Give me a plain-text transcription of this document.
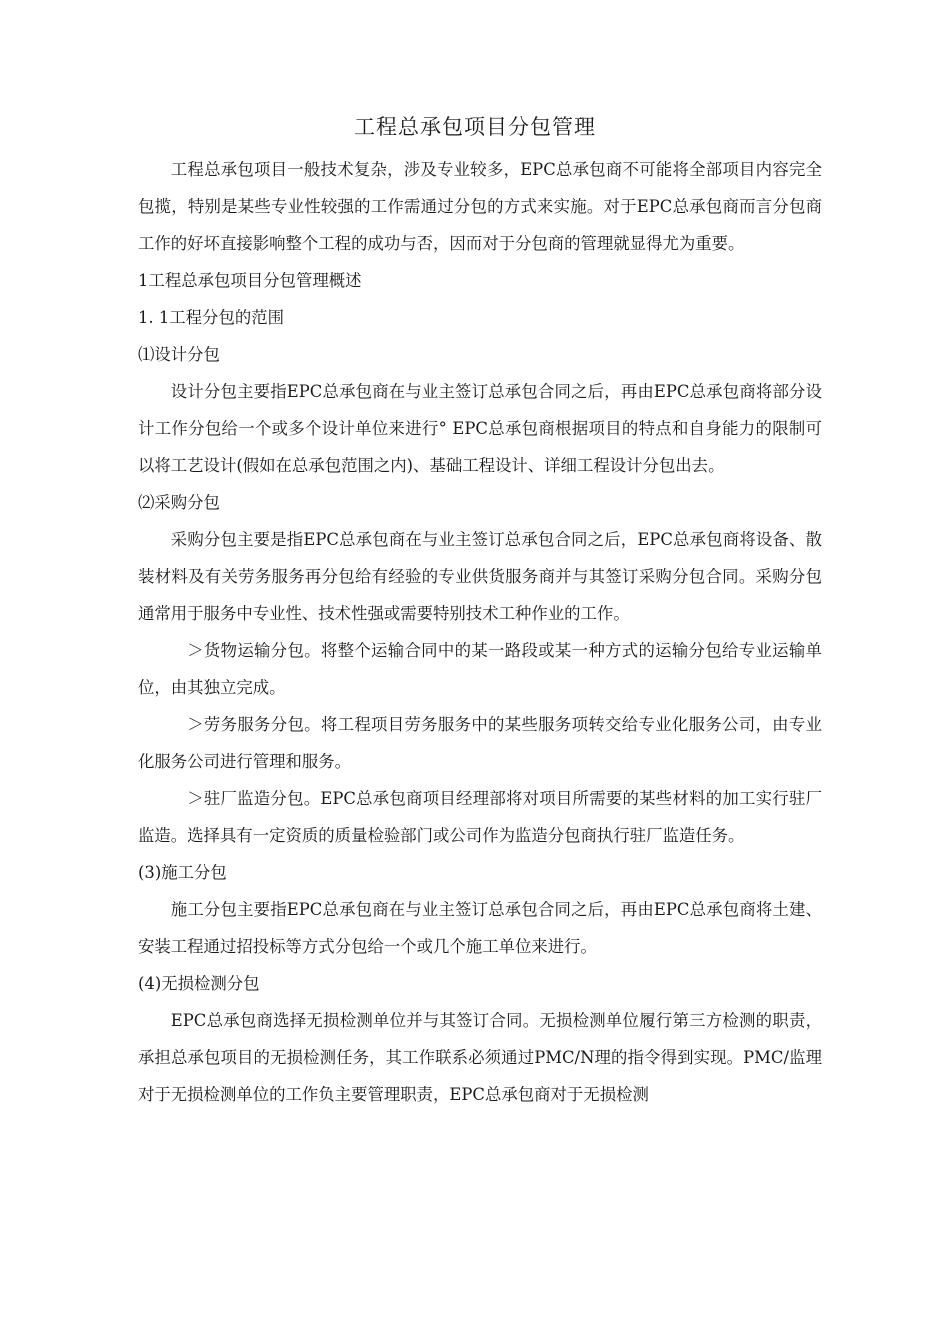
工程总承包项目分包管理

工程总承包项目一般技术复杂，涉及专业较多，EPC总承包商不可能将全部项目内容完全包揽，特别是某些专业性较强的工作需通过分包的方式来实施。对于EPC总承包商而言分包商工作的好坏直接影响整个工程的成功与否，因而对于分包商的管理就显得尤为重要。

1工程总承包项目分包管理概述

1. 1工程分包的范围

⑴设计分包

设计分包主要指EPC总承包商在与业主签订总承包合同之后，再由EPC总承包商将部分设计工作分包给一个或多个设计单位来进行° EPC总承包商根据项目的特点和自身能力的限制可以将工艺设计(假如在总承包范围之内)、基础工程设计、详细工程设计分包出去。

⑵采购分包

采购分包主要是指EPC总承包商在与业主签订总承包合同之后，EPC总承包商将设备、散装材料及有关劳务服务再分包给有经验的专业供货服务商并与其签订采购分包合同。采购分包通常用于服务中专业性、技术性强或需要特别技术工种作业的工作。

＞货物运输分包。将整个运输合同中的某一路段或某一种方式的运输分包给专业运输单位，由其独立完成。

＞劳务服务分包。将工程项目劳务服务中的某些服务项转交给专业化服务公司，由专业化服务公司进行管理和服务。

＞驻厂监造分包。EPC总承包商项目经理部将对项目所需要的某些材料的加工实行驻厂监造。选择具有一定资质的质量检验部门或公司作为监造分包商执行驻厂监造任务。

(3)施工分包

施工分包主要指EPC总承包商在与业主签订总承包合同之后，再由EPC总承包商将土建、安装工程通过招投标等方式分包给一个或几个施工单位来进行。

(4)无损检测分包

EPC总承包商选择无损检测单位并与其签订合同。无损检测单位履行第三方检测的职责，承担总承包项目的无损检测任务，其工作联系必须通过PMC/N理的指令得到实现。PMC/监理对于无损检测单位的工作负主要管理职责，EPC总承包商对于无损检测
